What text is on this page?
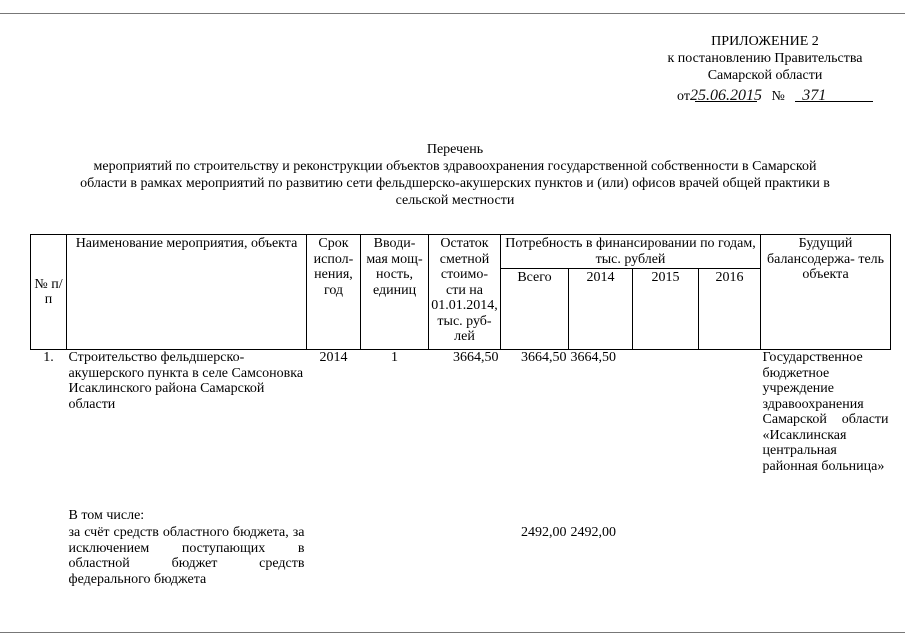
ПРИЛОЖЕНИЕ 2
к постановлению Правительства
Самарской области
от25.06.2015 № 371
Перечень
мероприятий по строительству и реконструкции объектов здравоохранения государственной собственности в Самарской
области в рамках мероприятий по развитию сети фельдшерско-акушерских пунктов и (или) офисов врачей общей практики в
сельской местности
№ п/п	Наименование мероприятия, объекта	Срок испол- нения, год	Вводи- мая мощ- ность, единиц	Остаток сметной стоимо- сти на 01.01.2014, тыс. руб- лей	Потребность в финансировании по годам, тыс. рублей				Будущий балансодержа- тель объекта
					Всего	2014	2015	2016	
1.	Строительство фельдшерско-акушерского пункта в селе Самсоновка Исаклинского района Самарской области	2014	1	3664,50	3664,50	3664,50			Государственное бюджетное учреждение здравоохранения Самарской области «Исаклинская центральная районная больница»
	В том числе:								
	за счёт средств областного бюджета, за исключением поступающих в областной бюджет средств федерального бюджета				2492,00	2492,00			
